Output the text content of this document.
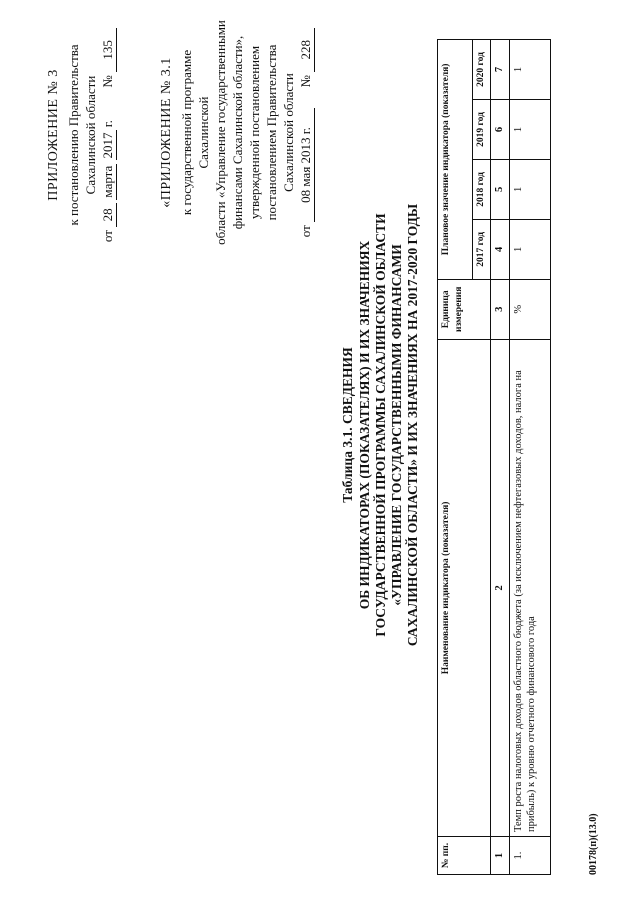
ПРИЛОЖЕНИЕ № 3 к постановлению Правительства Сахалинской области
от 28 марта 2017 г.  № 135
«ПРИЛОЖЕНИЕ № 3.1 к государственной программе Сахалинской области «Управление государственными финансами Сахалинской области», утвержденной постановлением постановлением Правительства Сахалинской области
от 08 мая 2013 г.  № 228
Таблица 3.1. СВЕДЕНИЯ ОБ ИНДИКАТОРАХ (ПОКАЗАТЕЛЯХ) И ИХ ЗНАЧЕНИЯХ ГОСУДАРСТВЕННОЙ ПРОГРАММЫ САХАЛИНСКОЙ ОБЛАСТИ «УПРАВЛЕНИЕ ГОСУДАРСТВЕННЫМИ ФИНАНСАМИ САХАЛИНСКОЙ ОБЛАСТИ» И ИХ ЗНАЧЕНИЯХ НА 2017-2020 ГОДЫ
№ пп.	Наименование индикатора (показателя)	Единица измерения	Плановое значение индикатора (показателя)			
			2017 год	2018 год	2019 год	2020 год
1	2	3	4	5	6	7
1.	Темп роста налоговых доходов областного бюджета (за исключением нефтегазовых доходов, налога на прибыль) к уровню отчетного финансового года	%	1	1	1	1
00178(п)(13.0)
